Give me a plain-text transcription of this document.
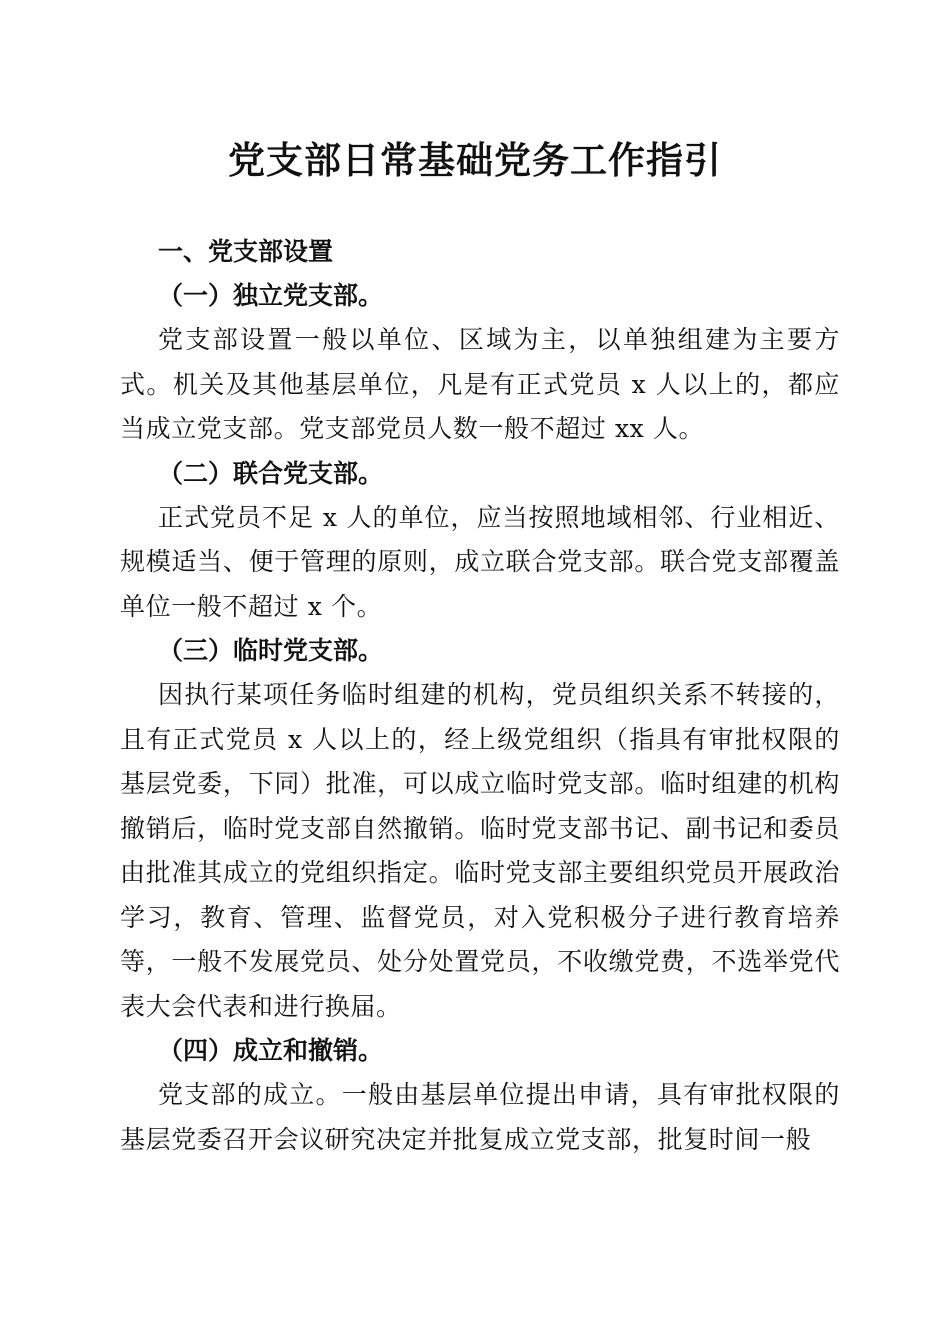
党支部日常基础党务工作指引

一、党支部设置

（一）独立党支部。

党支部设置一般以单位、区域为主，以单独组建为主要方式。机关及其他基层单位，凡是有正式党员 x 人以上的，都应当成立党支部。党支部党员人数一般不超过 xx 人。

（二）联合党支部。

正式党员不足 x 人的单位，应当按照地域相邻、行业相近、规模适当、便于管理的原则，成立联合党支部。联合党支部覆盖单位一般不超过 x 个。

（三）临时党支部。

因执行某项任务临时组建的机构，党员组织关系不转接的，且有正式党员 x 人以上的，经上级党组织（指具有审批权限的基层党委，下同）批准，可以成立临时党支部。临时组建的机构撤销后，临时党支部自然撤销。临时党支部书记、副书记和委员由批准其成立的党组织指定。临时党支部主要组织党员开展政治学习，教育、管理、监督党员，对入党积极分子进行教育培养等，一般不发展党员、处分处置党员，不收缴党费，不选举党代表大会代表和进行换届。

（四）成立和撤销。

党支部的成立。一般由基层单位提出申请，具有审批权限的基层党委召开会议研究决定并批复成立党支部，批复时间一般
